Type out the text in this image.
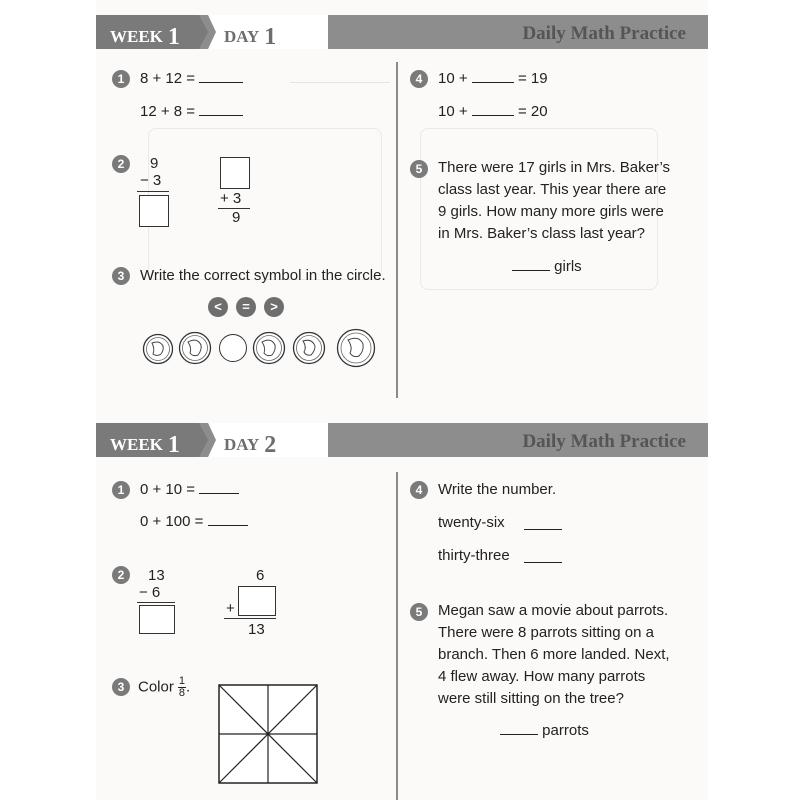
WEEK 1	DAY 1	Daily Math Practice
1	8 + 12 =
12 + 8 =
2	9
− 3
+ 3
9
3	Write the correct symbol in the circle.
<	=	>
4	10 +	= 19
10 +	= 20
5	There were 17 girls in Mrs. Baker’s
class last year. This year there are
9 girls. How many more girls were
in Mrs. Baker’s class last year?
girls
WEEK 1	DAY 2	Daily Math Practice
1	0 + 10 =
0 + 100 =
2	13
− 6
6
+
13
3 Color $\frac{1}{8}$ .
4	Write the number.
twenty-six
thirty-three
5	Megan saw a movie about parrots.
There were 8 parrots sitting on a
branch. Then 6 more landed. Next,
4 flew away. How many parrots
were still sitting on the tree?
parrots
